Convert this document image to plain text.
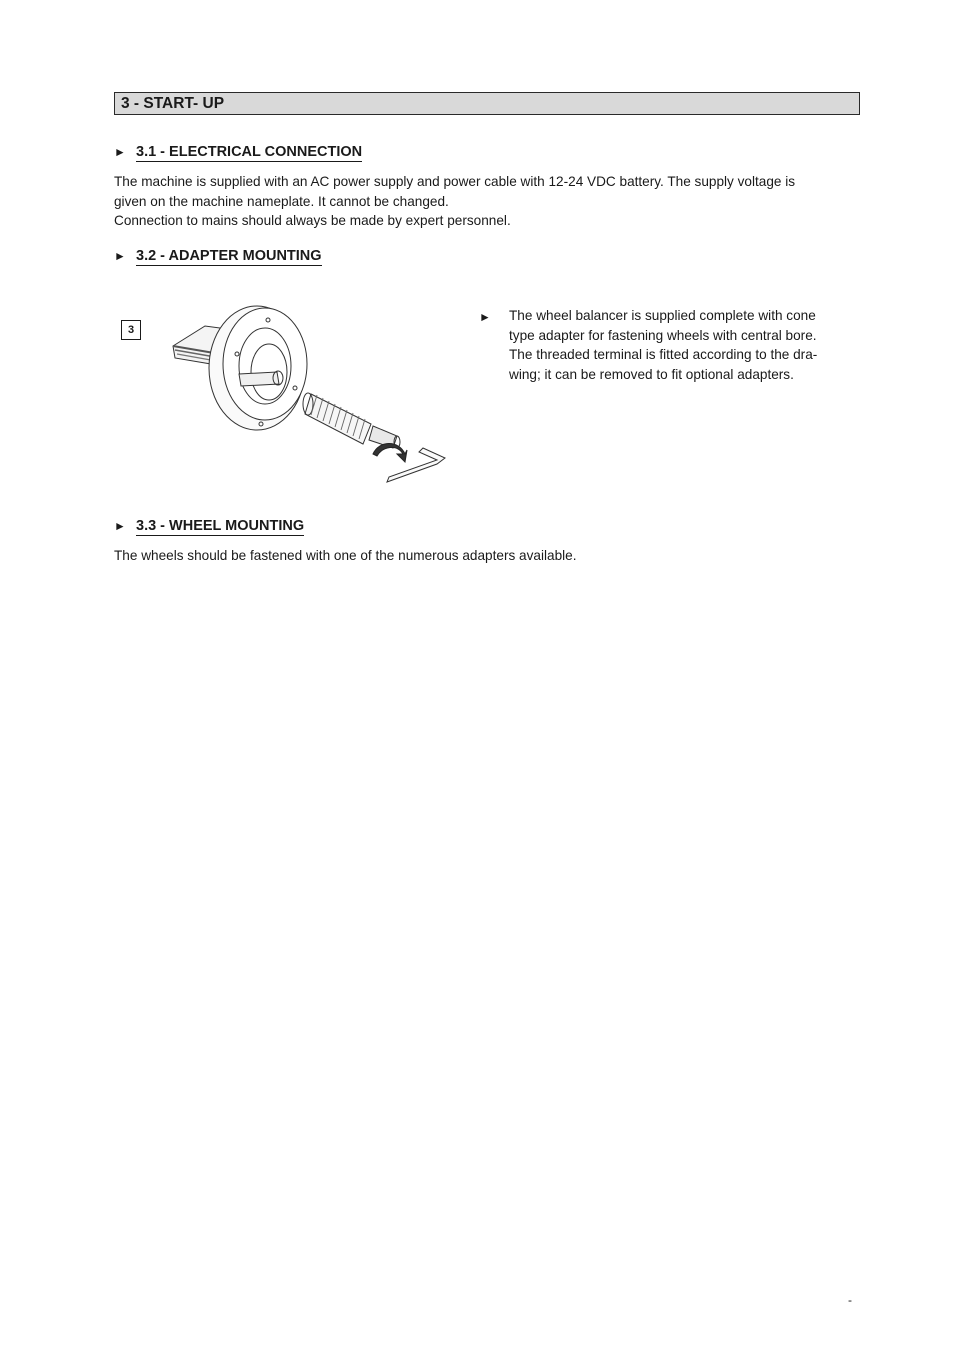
3 - START- UP
► 3.1 - ELECTRICAL CONNECTION
The machine is supplied with an AC power supply and power cable with 12-24 VDC battery. The supply voltage is
given on the machine nameplate. It cannot be changed.
Connection to mains should always be made by expert personnel.
► 3.2 - ADAPTER MOUNTING
3
► The wheel balancer is supplied complete with cone
type adapter for fastening wheels with central bore.
The threaded terminal is fitted according to the dra-
wing; it can be removed to fit optional adapters.
► 3.3 - WHEEL MOUNTING
The wheels should be fastened with one of the numerous adapters available.
-
